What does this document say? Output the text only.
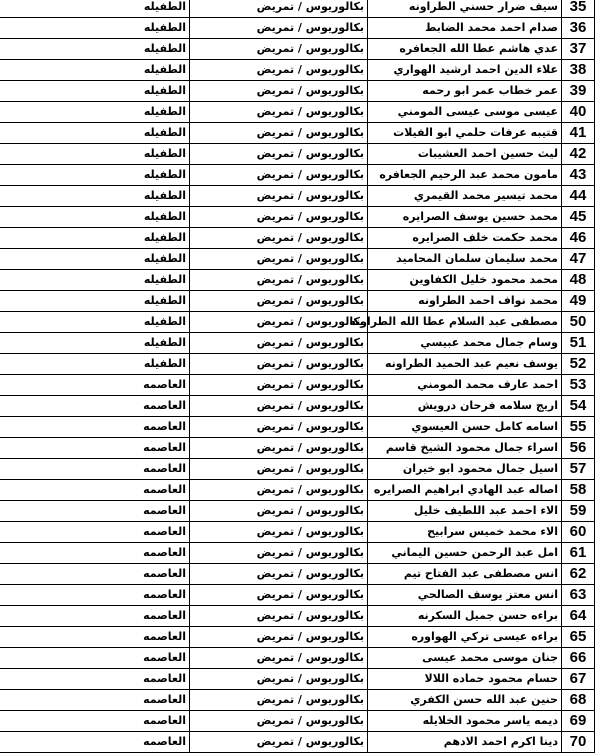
35	سيف ضرار حسني الطراونه	بكالوريوس / تمريض	الطفيله
36	صدام احمد محمد الضابط	بكالوريوس / تمريض	الطفيله
37	عدي هاشم عطا الله الجعافره	بكالوريوس / تمريض	الطفيله
38	علاء الدين احمد ارشيد الهواري	بكالوريوس / تمريض	الطفيله
39	عمر خطاب عمر ابو رحمه	بكالوريوس / تمريض	الطفيله
40	عيسى موسى عيسى المومني	بكالوريوس / تمريض	الطفيله
41	قتيبه عرفات حلمي ابو الفيلات	بكالوريوس / تمريض	الطفيله
42	ليث حسين احمد العشيبات	بكالوريوس / تمريض	الطفيله
43	مامون محمد عبد الرحيم الجعافره	بكالوريوس / تمريض	الطفيله
44	محمد تيسير محمد القيمري	بكالوريوس / تمريض	الطفيله
45	محمد حسين يوسف الصرايره	بكالوريوس / تمريض	الطفيله
46	محمد حكمت خلف الصرايره	بكالوريوس / تمريض	الطفيله
47	محمد سليمان سلمان المحاميد	بكالوريوس / تمريض	الطفيله
48	محمد محمود خليل الكفاوين	بكالوريوس / تمريض	الطفيله
49	محمد نواف احمد الطراونه	بكالوريوس / تمريض	الطفيله
50	مصطفى عبد السلام عطا الله الطراونه	بكالوريوس / تمريض	الطفيله
51	وسام جمال محمد عبيسي	بكالوريوس / تمريض	الطفيله
52	يوسف نعيم عبد الحميد الطراونه	بكالوريوس / تمريض	الطفيله
53	احمد عارف محمد المومني	بكالوريوس / تمريض	العاصمه
54	اريج سلامه فرحان درويش	بكالوريوس / تمريض	العاصمه
55	اسامه كامل حسن العيسوي	بكالوريوس / تمريض	العاصمه
56	اسراء جمال محمود الشيخ قاسم	بكالوريوس / تمريض	العاصمه
57	اسيل جمال محمود ابو خيران	بكالوريوس / تمريض	العاصمه
58	اصاله عبد الهادي ابراهيم الصرايره	بكالوريوس / تمريض	العاصمه
59	الاء احمد عبد اللطيف خليل	بكالوريوس / تمريض	العاصمه
60	الاء محمد خميس سرابيح	بكالوريوس / تمريض	العاصمه
61	امل عبد الرحمن حسين اليماني	بكالوريوس / تمريض	العاصمه
62	انس مصطفى عبد الفتاح تيم	بكالوريوس / تمريض	العاصمه
63	انس معتز يوسف الصالحي	بكالوريوس / تمريض	العاصمه
64	براءه حسن جميل السكرنه	بكالوريوس / تمريض	العاصمه
65	براءه عيسى تركي الهواوره	بكالوريوس / تمريض	العاصمه
66	جنان موسى محمد عيسى	بكالوريوس / تمريض	العاصمه
67	حسام محمود حماده اللالا	بكالوريوس / تمريض	العاصمه
68	حنين عبد الله حسن الكفري	بكالوريوس / تمريض	العاصمه
69	ديمه ياسر محمود الخلايله	بكالوريوس / تمريض	العاصمه
70	دينا اكرم احمد الادهم	بكالوريوس / تمريض	العاصمه
